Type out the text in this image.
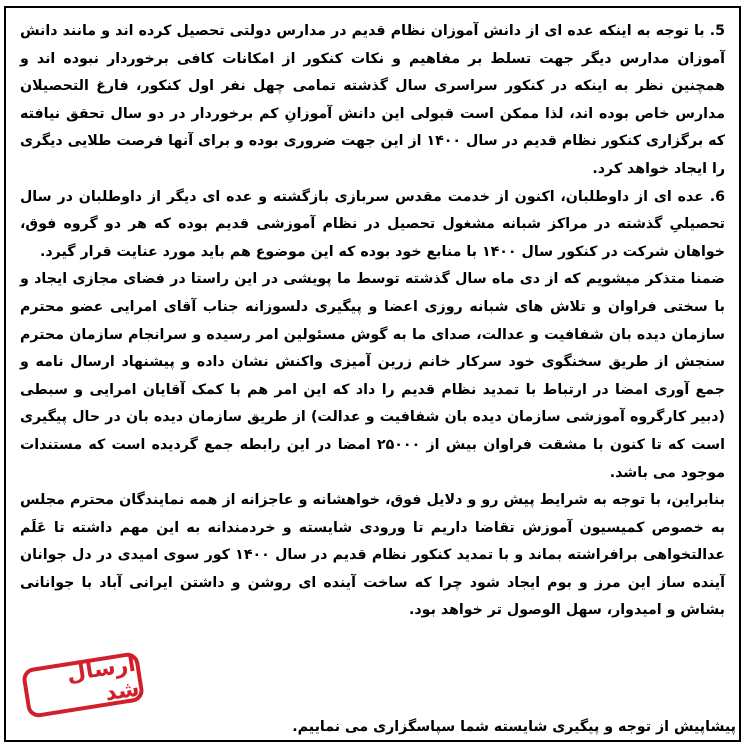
5. با توجه به اینکه عده ای از دانش آموزان نظام قدیم در مدارس دولتی تحصیل کرده اند و مانند دانش آموزان مدارس دیگر جهت تسلط بر مفاهیم و نکات کنکور از امکانات کافی برخوردار نبوده اند و همچنین نظر به اینکه در کنکور سراسری سال گذشته تمامی چهل نفر اول کنکور، فارغ التحصیلان مدارس خاص بوده اند، لذا ممکن است قبولی این دانش آموزانِ کم برخوردار در دو سال تحقق نیافته که برگزاری کنکور نظام قدیم در سال ۱۴۰۰ از این جهت ضروری بوده و برای آنها فرصت طلایی دیگری را ایجاد خواهد کرد.

6. عده ای از داوطلبان، اکنون از خدمت مقدس سربازی بازگشته و عده ای دیگر از داوطلبان در سال تحصیلیِ گذشته در مراکز شبانه مشغول تحصیل در نظام آموزشی قدیم بوده که هر دو گروه فوق، خواهان شرکت در کنکور سال ۱۴۰۰ با منابع خود بوده که این موضوع هم باید مورد عنایت قرار گیرد.

ضمنا متذکر میشویم که از دی ماه سال گذشته توسط ما پویشی در این راستا در فضای مجازی ایجاد و با سختی فراوان و تلاش های شبانه روزی اعضا و پیگیری دلسوزانه جناب آقای امرایی عضو محترم سازمان دیده بان شفافیت و عدالت، صدای ما به گوش مسئولین امر رسیده و سرانجام سازمان محترم سنجش از طریق سخنگوی خود سرکار خانم زرین آمیزی واکنش نشان داده و پیشنهاد ارسال نامه و جمع آوری امضا در ارتباط با تمدید نظام قدیم را داد که این امر هم با کمک آقایان امرایی و سبطی (دبیر کارگروه آموزشی سازمان دیده بان شفافیت و عدالت) از طریق سازمان دیده بان در حال پیگیری است که تا کنون با مشقت فراوان بیش از ۲۵۰۰۰ امضا در این رابطه جمع گردیده است که مستندات موجود می باشد.

بنابراین، با توجه به شرایط پیش رو و دلایل فوق، خواهشانه و عاجزانه از همه نمایندگان محترم مجلس به خصوص کمیسیون آموزش تقاضا داریم تا ورودی شایسته و خردمندانه به این مهم داشته تا عَلَم عدالتخواهی برافراشته بماند و با تمدید کنکور نظام قدیم در سال ۱۴۰۰ کور سوی امیدی در دل جوانان آینده ساز این مرز و بوم ایجاد شود چرا که ساخت آینده ای روشن و داشتن ایرانی آباد با جوانانی بشاش و امیدوار، سهل الوصول تر خواهد بود.

پیشاپیش از توجه و پیگیری شایسته شما سپاسگزاری می نماییم.
ارسال شد
